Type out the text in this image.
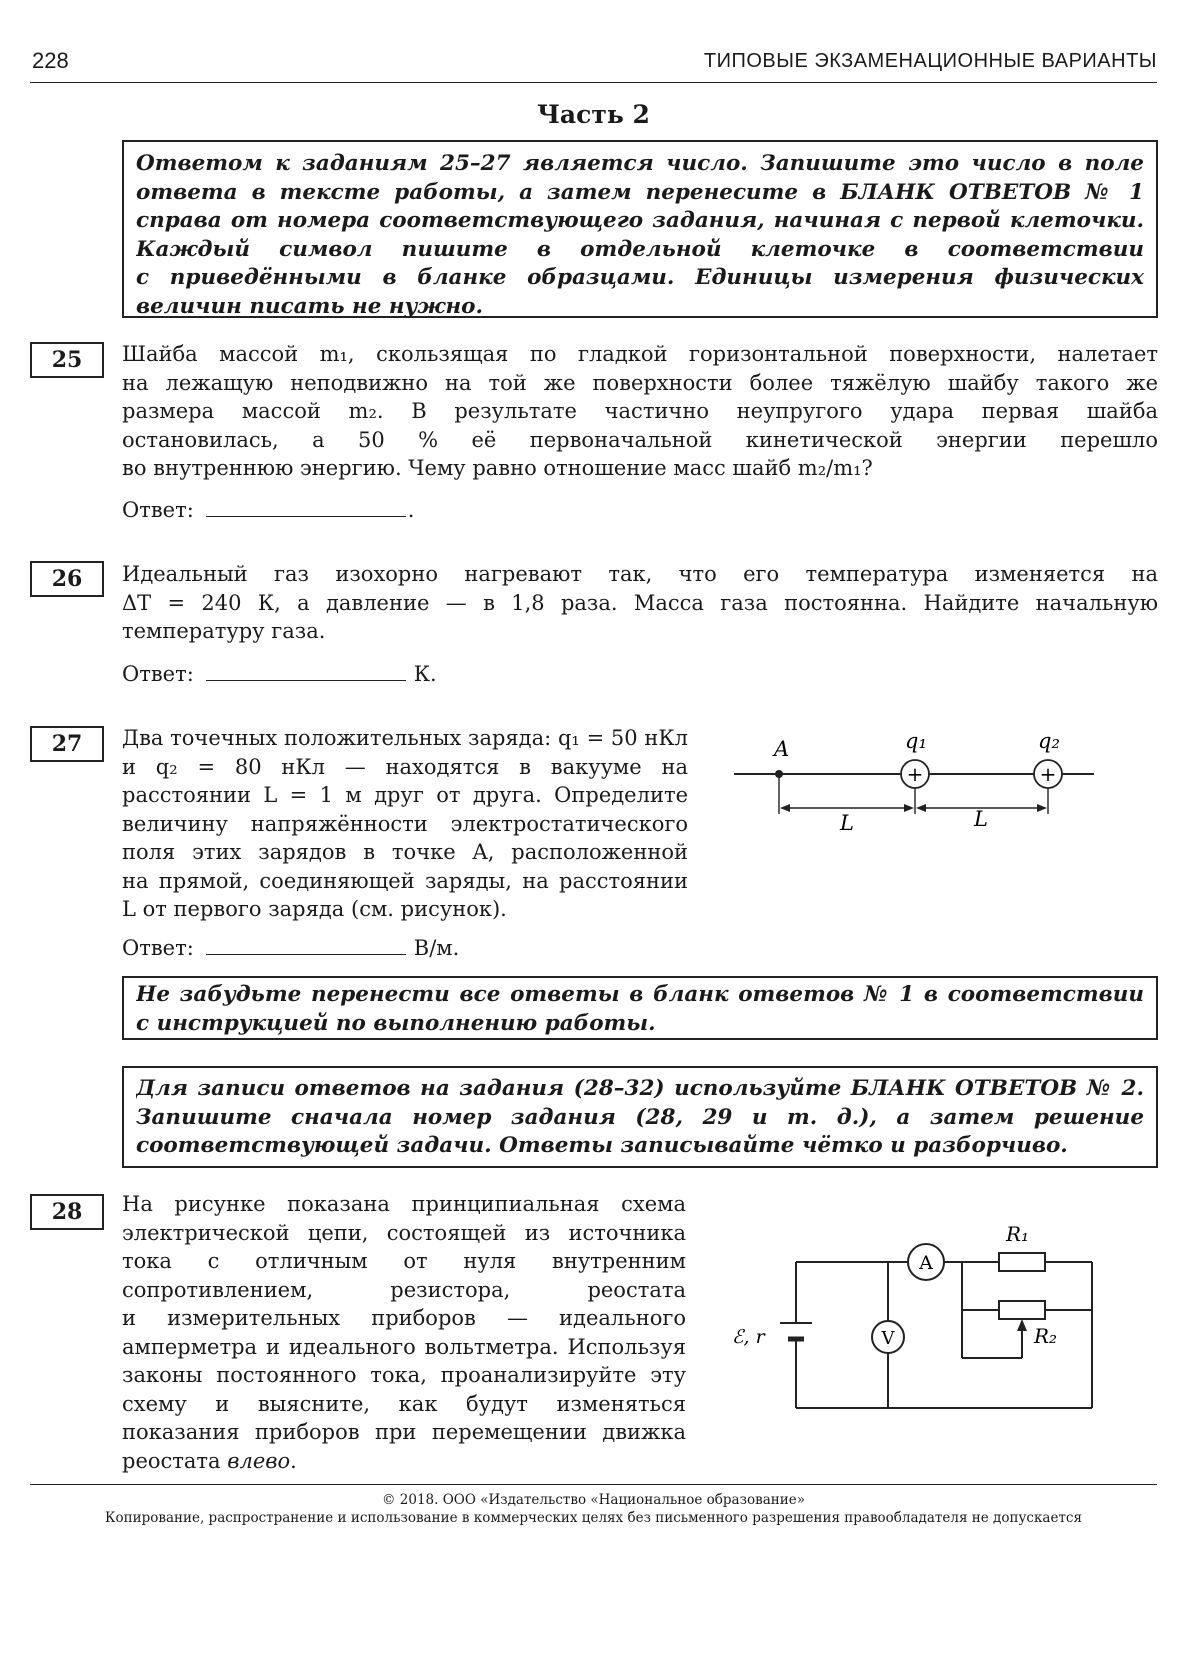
228	ТИПОВЫЕ ЭКЗАМЕНАЦИОННЫЕ ВАРИАНТЫ
Часть 2
Ответом к заданиям 25–27 является число. Запишите это число в поле
ответа в тексте работы, а затем перенесите в БЛАНК ОТВЕТОВ № 1
справа от номера соответствующего задания, начиная с первой клеточки.
Каждый символ пишите в отдельной клеточке в соответствии
с приведёнными в бланке образцами. Единицы измерения физических
величин писать не нужно.
25	Шайба массой m₁, скользящая по гладкой горизонтальной поверхности, налетает
на лежащую неподвижно на той же поверхности более тяжёлую шайбу такого же
размера массой m₂. В результате частично неупругого удара первая шайба
остановилась, а 50 % её первоначальной кинетической энергии перешло
во внутреннюю энергию. Чему равно отношение масс шайб m₂/m₁?
Ответ:	.
26	Идеальный газ изохорно нагревают так, что его температура изменяется на
ΔT = 240 К, а давление — в 1,8 раза. Масса газа постоянна. Найдите начальную
температуру газа.
Ответ:	К.
27	Два точечных положительных заряда: q₁ = 50 нКл
и q₂ = 80 нКл — находятся в вакууме на
расстоянии L = 1 м друг от друга. Определите
величину напряжённости электростатического
поля этих зарядов в точке A, расположенной
на прямой, соединяющей заряды, на расстоянии
L от первого заряда (см. рисунок).
A
+
q₁
+
q₂
L	L
Ответ:	В/м.
Не забудьте перенести все ответы в бланк ответов № 1 в соответствии
с инструкцией по выполнению работы.
Для записи ответов на задания (28–32) используйте БЛАНК ОТВЕТОВ № 2.
Запишите сначала номер задания (28, 29 и т. д.), а затем решение
соответствующей задачи. Ответы записывайте чётко и разборчиво.
28	На рисунке показана принципиальная схема
электрической цепи, состоящей из источника
тока с отличным от нуля внутренним
сопротивлением, резистора, реостата
и измерительных приборов — идеального
амперметра и идеального вольтметра. Используя
законы постоянного тока, проанализируйте эту
схему и выясните, как будут изменяться
показания приборов при перемещении движка
реостата влево.
A
V
ℰ, r
R₁
R₂
© 2018. ООО «Издательство «Национальное образование»
Копирование, распространение и использование в коммерческих целях без письменного разрешения правообладателя не допускается
